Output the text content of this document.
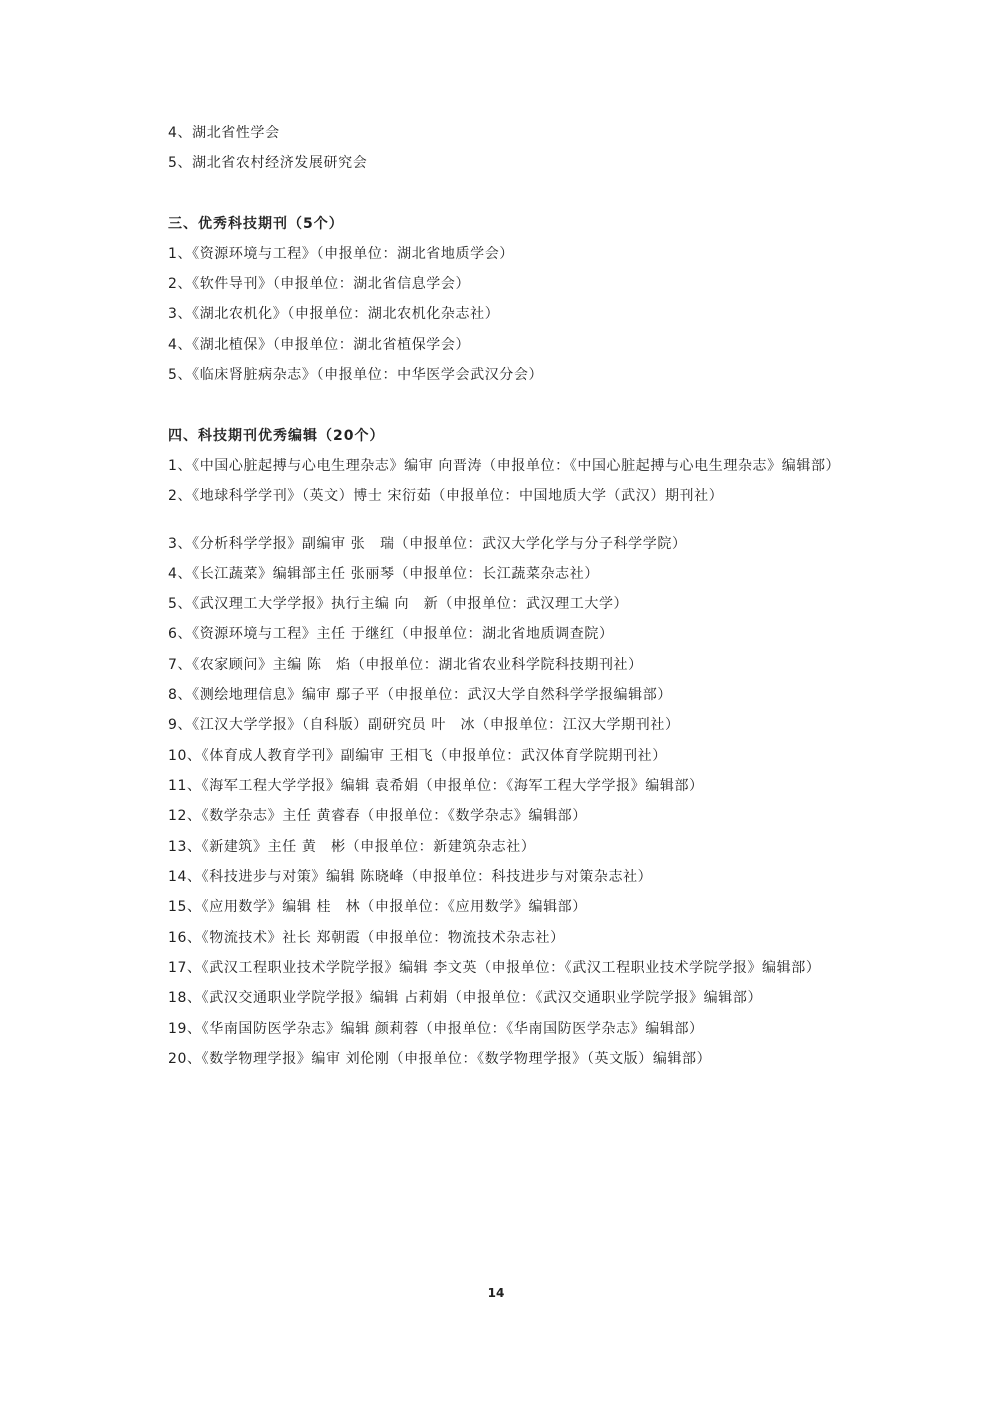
4、湖北省性学会
5、湖北省农村经济发展研究会
三、优秀科技期刊（5个）
1、《资源环境与工程》（申报单位：湖北省地质学会）
2、《软件导刊》（申报单位：湖北省信息学会）
3、《湖北农机化》（申报单位：湖北农机化杂志社）
4、《湖北植保》（申报单位：湖北省植保学会）
5、《临床肾脏病杂志》（申报单位：中华医学会武汉分会）
四、科技期刊优秀编辑（20个）
1、《中国心脏起搏与心电生理杂志》编审 向晋涛（申报单位：《中国心脏起搏与心电生理杂志》编辑部）
2、《地球科学学刊》（英文）博士 宋衍茹（申报单位：中国地质大学（武汉）期刊社）
3、《分析科学学报》副编审 张　瑞（申报单位：武汉大学化学与分子科学学院）
4、《长江蔬菜》编辑部主任 张丽琴（申报单位：长江蔬菜杂志社）
5、《武汉理工大学学报》执行主编 向　新（申报单位：武汉理工大学）
6、《资源环境与工程》主任 于继红（申报单位：湖北省地质调查院）
7、《农家顾问》主编 陈　焰（申报单位：湖北省农业科学院科技期刊社）
8、《测绘地理信息》编审 鄢子平（申报单位：武汉大学自然科学学报编辑部）
9、《江汉大学学报》（自科版）副研究员 叶　冰（申报单位：江汉大学期刊社）
10、《体育成人教育学刊》副编审 王相飞（申报单位：武汉体育学院期刊社）
11、《海军工程大学学报》编辑 袁希娟（申报单位：《海军工程大学学报》编辑部）
12、《数学杂志》主任 黄睿春（申报单位：《数学杂志》编辑部）
13、《新建筑》主任 黄　彬（申报单位：新建筑杂志社）
14、《科技进步与对策》编辑 陈晓峰（申报单位：科技进步与对策杂志社）
15、《应用数学》编辑 桂　林（申报单位：《应用数学》编辑部）
16、《物流技术》社长 郑朝霞（申报单位：物流技术杂志社）
17、《武汉工程职业技术学院学报》编辑 李文英（申报单位：《武汉工程职业技术学院学报》编辑部）
18、《武汉交通职业学院学报》编辑 占莉娟（申报单位：《武汉交通职业学院学报》编辑部）
19、《华南国防医学杂志》编辑 颜莉蓉（申报单位：《华南国防医学杂志》编辑部）
20、《数学物理学报》编审 刘伦刚（申报单位：《数学物理学报》（英文版）编辑部）
14
